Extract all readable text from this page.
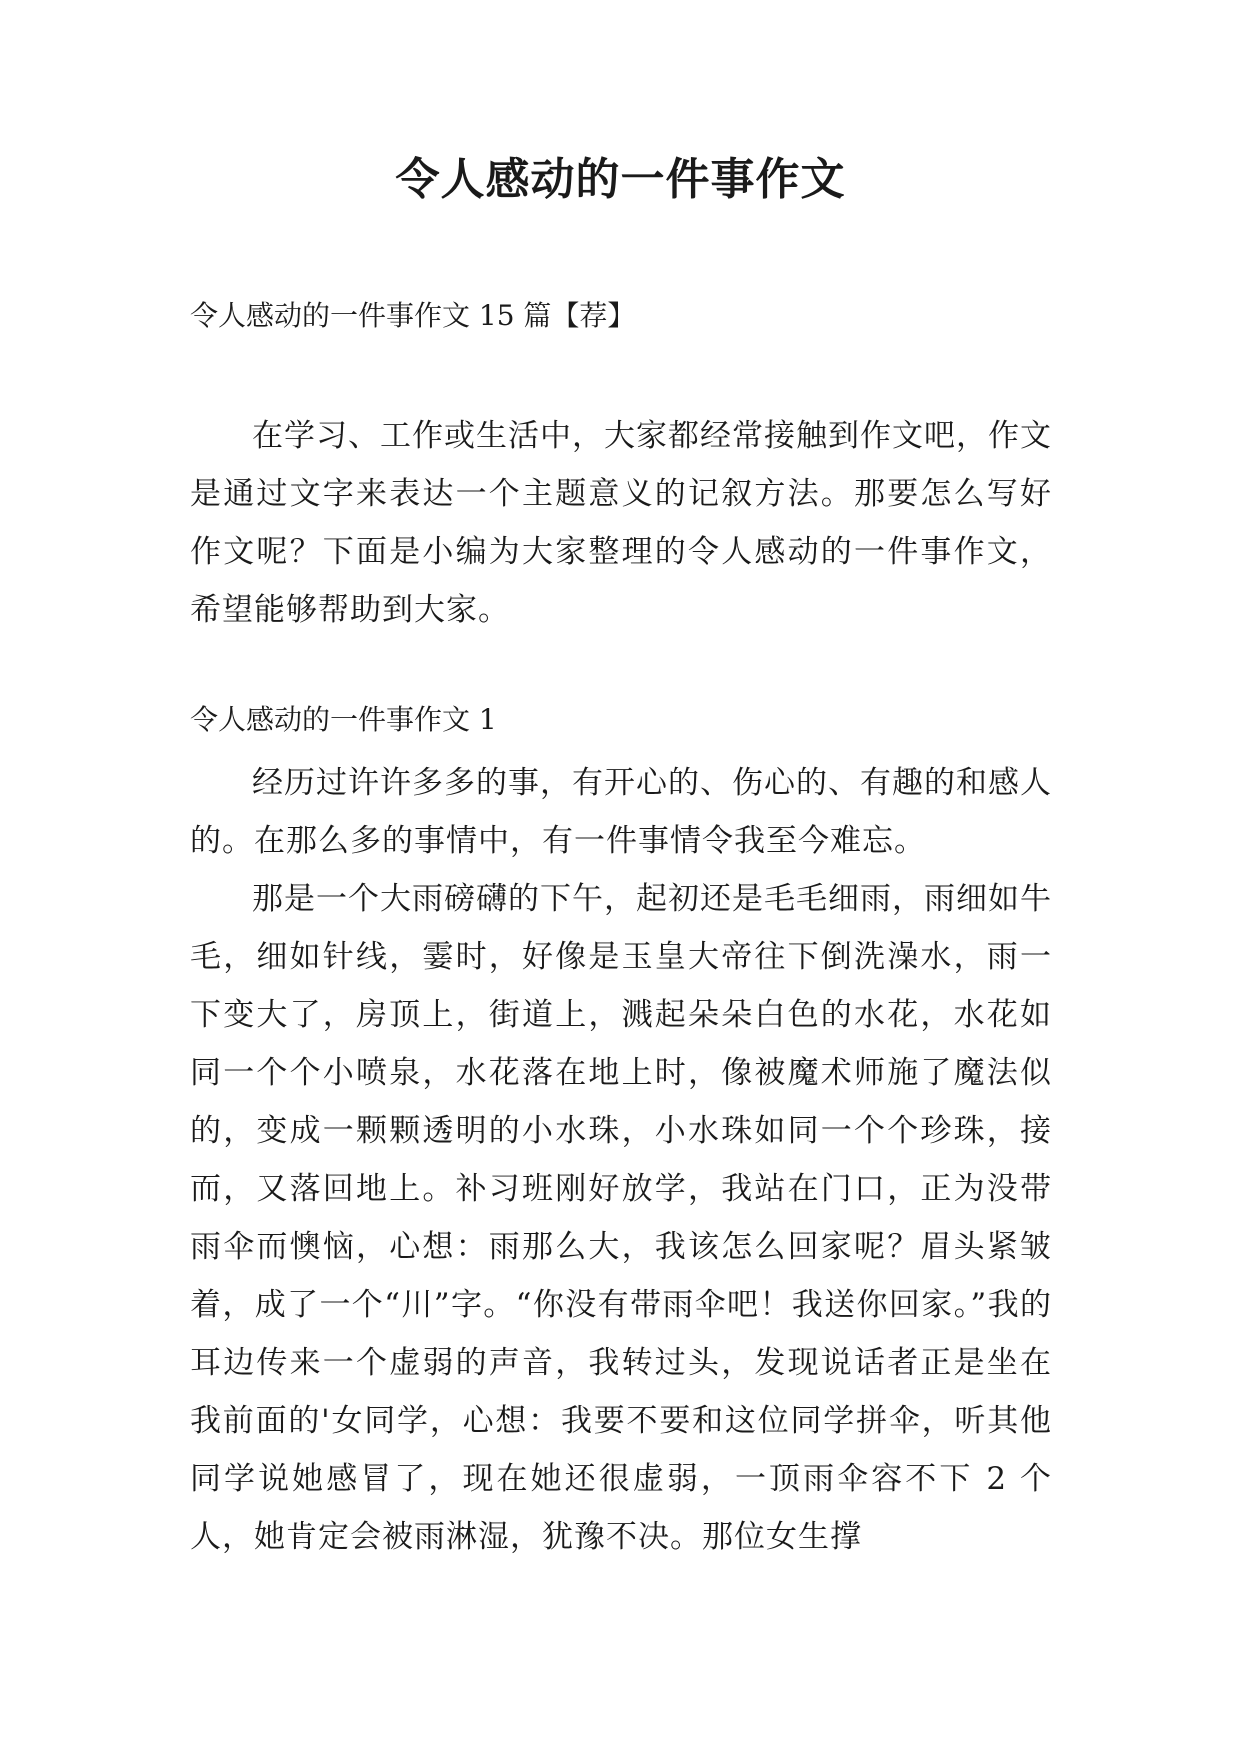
令人感动的一件事作文

令人感动的一件事作文 15 篇【荐】

在学习、工作或生活中，大家都经常接触到作文吧，作文是通过文字来表达一个主题意义的记叙方法。那要怎么写好作文呢？下面是小编为大家整理的令人感动的一件事作文，希望能够帮助到大家。

令人感动的一件事作文 1

经历过许许多多的事，有开心的、伤心的、有趣的和感人的。在那么多的事情中，有一件事情令我至今难忘。

那是一个大雨磅礴的下午，起初还是毛毛细雨，雨细如牛毛，细如针线，霎时，好像是玉皇大帝往下倒洗澡水，雨一下变大了，房顶上，街道上，溅起朵朵白色的水花，水花如同一个个小喷泉，水花落在地上时，像被魔术师施了魔法似的，变成一颗颗透明的小水珠，小水珠如同一个个珍珠，接而，又落回地上。补习班刚好放学，我站在门口，正为没带雨伞而懊恼，心想：雨那么大，我该怎么回家呢？眉头紧皱着，成了一个“川”字。“你没有带雨伞吧！我送你回家。”我的耳边传来一个虚弱的声音，我转过头，发现说话者正是坐在我前面的'女同学，心想：我要不要和这位同学拼伞，听其他同学说她感冒了，现在她还很虚弱，一顶雨伞容不下 2 个人，她肯定会被雨淋湿，犹豫不决。那位女生撑
